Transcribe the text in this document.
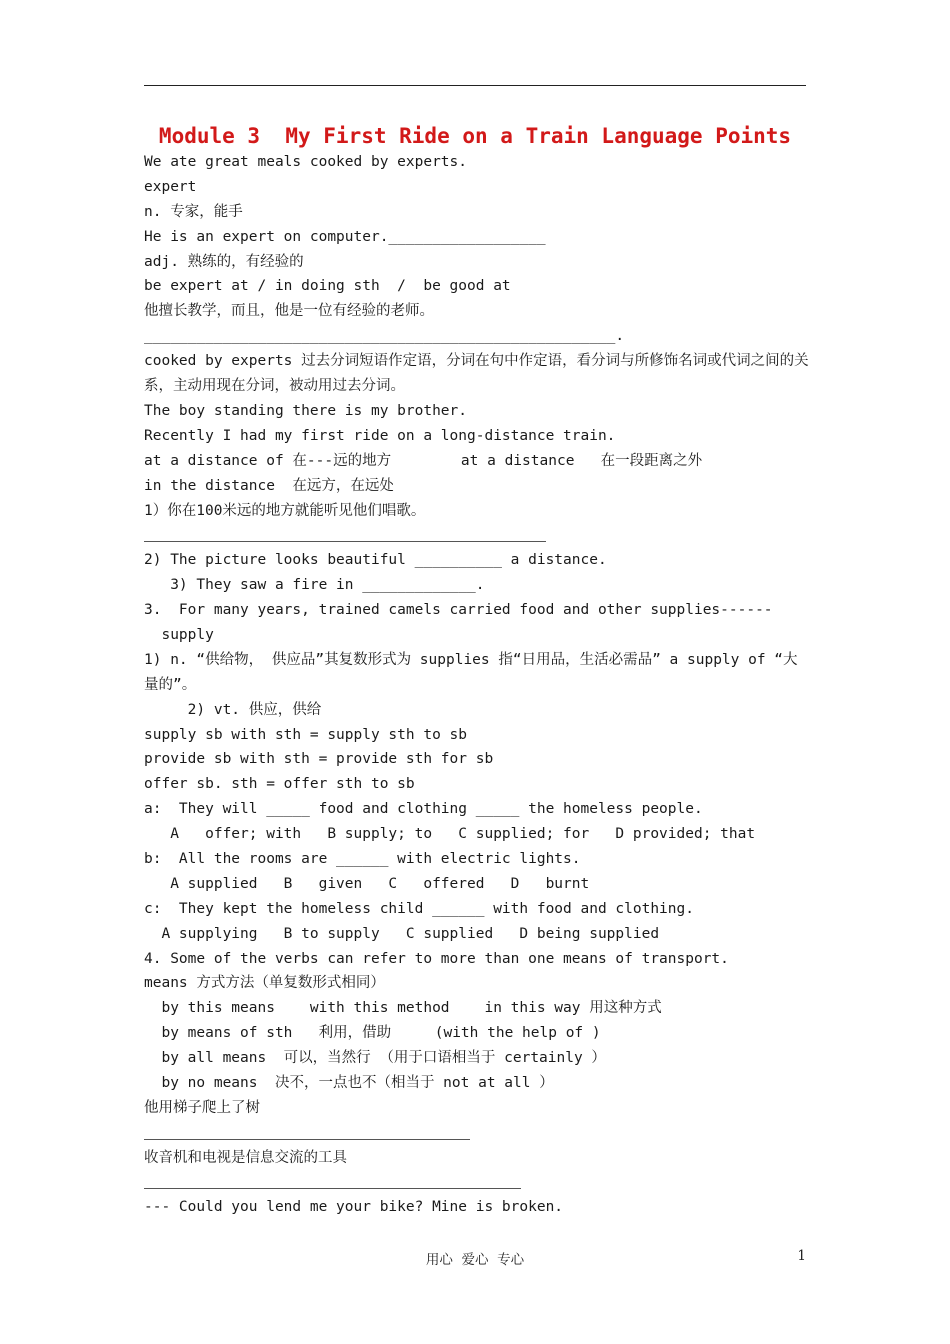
Module 3  My First Ride on a Train Language Points
We ate great meals cooked by experts.
expert
n. 专家，能手
He is an expert on computer.__________________
adj. 熟练的，有经验的
be expert at / in doing sth  /  be good at
他擅长教学，而且，他是一位有经验的老师。
______________________________________________________.
cooked by experts 过去分词短语作定语，分词在句中作定语，看分词与所修饰名词或代词之间的关系，主动用现在分词，被动用过去分词。
The boy standing there is my brother.
Recently I had my first ride on a long-distance train.
at a distance of 在---远的地方        at a distance   在一段距离之外
in the distance  在远方，在远处
1）你在100米远的地方就能听见他们唱歌。
2) The picture looks beautiful __________ a distance.
3) They saw a fire in _____________.
3.  For many years, trained camels carried food and other supplies------
supply
1) n. “供给物， 供应品”其复数形式为 supplies 指“日用品，生活必需品” a supply of “大量的”。
2) vt. 供应，供给
supply sb with sth = supply sth to sb
provide sb with sth = provide sth for sb
offer sb. sth = offer sth to sb
a:  They will _____ food and clothing _____ the homeless people.
A   offer; with   B supply; to   C supplied; for   D provided; that
b:  All the rooms are ______ with electric lights.
A supplied   B   given   C   offered   D   burnt
c:  They kept the homeless child ______ with food and clothing.
A supplying   B to supply   C supplied   D being supplied
4. Some of the verbs can refer to more than one means of transport.
means 方式方法（单复数形式相同）
by this means    with this method    in this way 用这种方式
by means of sth   利用，借助     (with the help of )
by all means  可以，当然行 （用于口语相当于 certainly ）
by no means  决不，一点也不（相当于 not at all ）
他用梯子爬上了树
收音机和电视是信息交流的工具
--- Could you lend me your bike? Mine is broken.
用心  爱心  专心	1
